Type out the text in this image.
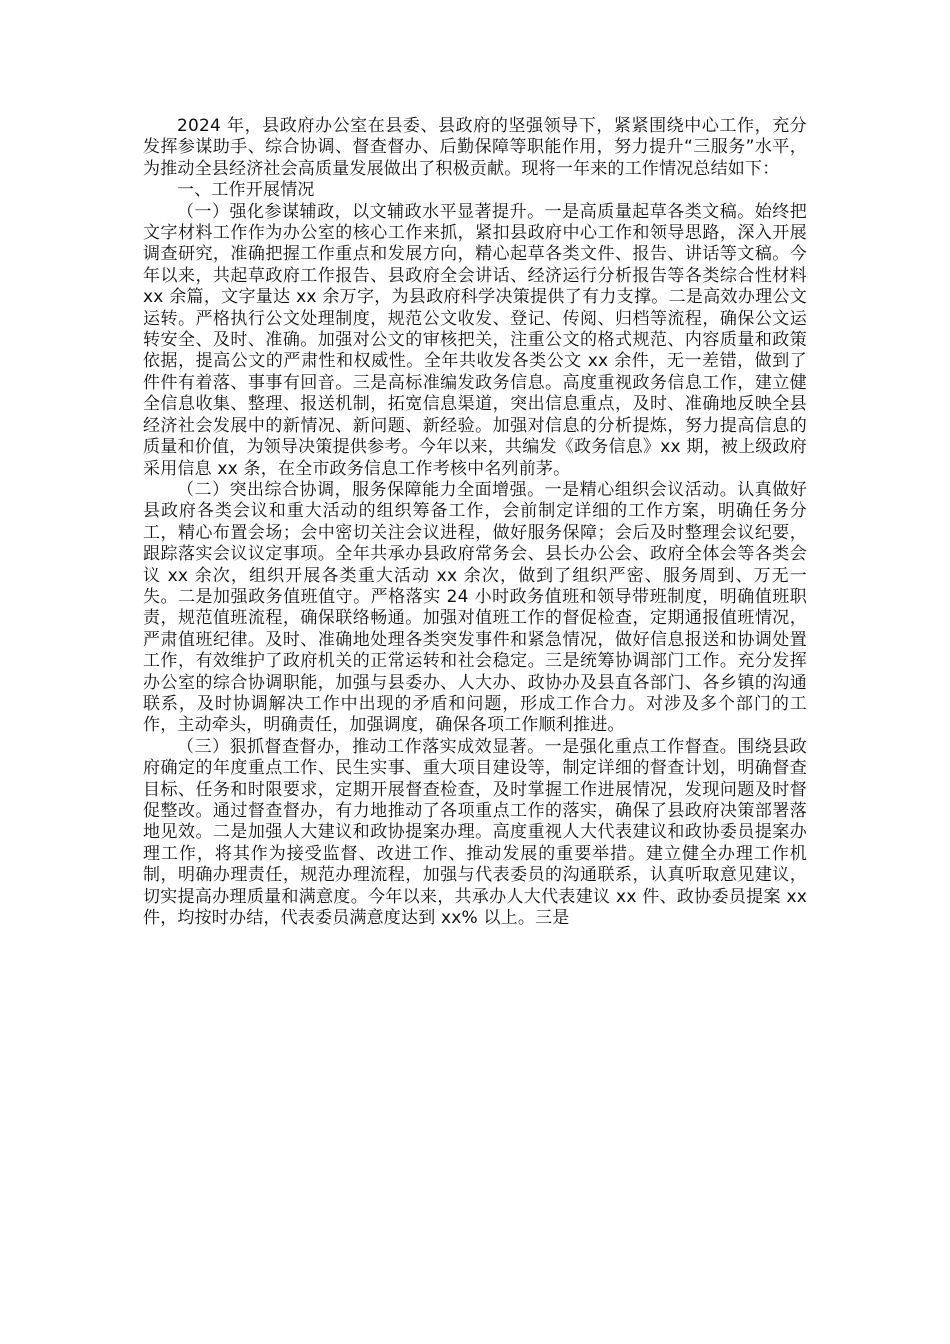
2024 年，县政府办公室在县委、县政府的坚强领导下，紧紧围绕中心工作，充分发挥参谋助手、综合协调、督查督办、后勤保障等职能作用，努力提升“三服务”水平，为推动全县经济社会高质量发展做出了积极贡献。现将一年来的工作情况总结如下：

一、工作开展情况

（一）强化参谋辅政，以文辅政水平显著提升。一是高质量起草各类文稿。始终把文字材料工作作为办公室的核心工作来抓，紧扣县政府中心工作和领导思路，深入开展调查研究，准确把握工作重点和发展方向，精心起草各类文件、报告、讲话等文稿。今年以来，共起草政府工作报告、县政府全会讲话、经济运行分析报告等各类综合性材料 xx 余篇，文字量达 xx 余万字，为县政府科学决策提供了有力支撑。二是高效办理公文运转。严格执行公文处理制度，规范公文收发、登记、传阅、归档等流程，确保公文运转安全、及时、准确。加强对公文的审核把关，注重公文的格式规范、内容质量和政策依据，提高公文的严肃性和权威性。全年共收发各类公文 xx 余件，无一差错，做到了件件有着落、事事有回音。三是高标准编发政务信息。高度重视政务信息工作，建立健全信息收集、整理、报送机制，拓宽信息渠道，突出信息重点，及时、准确地反映全县经济社会发展中的新情况、新问题、新经验。加强对信息的分析提炼，努力提高信息的质量和价值，为领导决策提供参考。今年以来，共编发《政务信息》xx 期，被上级政府采用信息 xx 条，在全市政务信息工作考核中名列前茅。

（二）突出综合协调，服务保障能力全面增强。一是精心组织会议活动。认真做好县政府各类会议和重大活动的组织筹备工作，会前制定详细的工作方案，明确任务分工，精心布置会场；会中密切关注会议进程，做好服务保障；会后及时整理会议纪要，跟踪落实会议议定事项。全年共承办县政府常务会、县长办公会、政府全体会等各类会议 xx 余次，组织开展各类重大活动 xx 余次，做到了组织严密、服务周到、万无一失。二是加强政务值班值守。严格落实 24 小时政务值班和领导带班制度，明确值班职责，规范值班流程，确保联络畅通。加强对值班工作的督促检查，定期通报值班情况，严肃值班纪律。及时、准确地处理各类突发事件和紧急情况，做好信息报送和协调处置工作，有效维护了政府机关的正常运转和社会稳定。三是统筹协调部门工作。充分发挥办公室的综合协调职能，加强与县委办、人大办、政协办及县直各部门、各乡镇的沟通联系，及时协调解决工作中出现的矛盾和问题，形成工作合力。对涉及多个部门的工作，主动牵头，明确责任，加强调度，确保各项工作顺利推进。

（三）狠抓督查督办，推动工作落实成效显著。一是强化重点工作督查。围绕县政府确定的年度重点工作、民生实事、重大项目建设等，制定详细的督查计划，明确督查目标、任务和时限要求，定期开展督查检查，及时掌握工作进展情况，发现问题及时督促整改。通过督查督办，有力地推动了各项重点工作的落实，确保了县政府决策部署落地见效。二是加强人大建议和政协提案办理。高度重视人大代表建议和政协委员提案办理工作，将其作为接受监督、改进工作、推动发展的重要举措。建立健全办理工作机制，明确办理责任，规范办理流程，加强与代表委员的沟通联系，认真听取意见建议，切实提高办理质量和满意度。今年以来，共承办人大代表建议 xx 件、政协委员提案 xx 件，均按时办结，代表委员满意度达到 xx% 以上。三是
